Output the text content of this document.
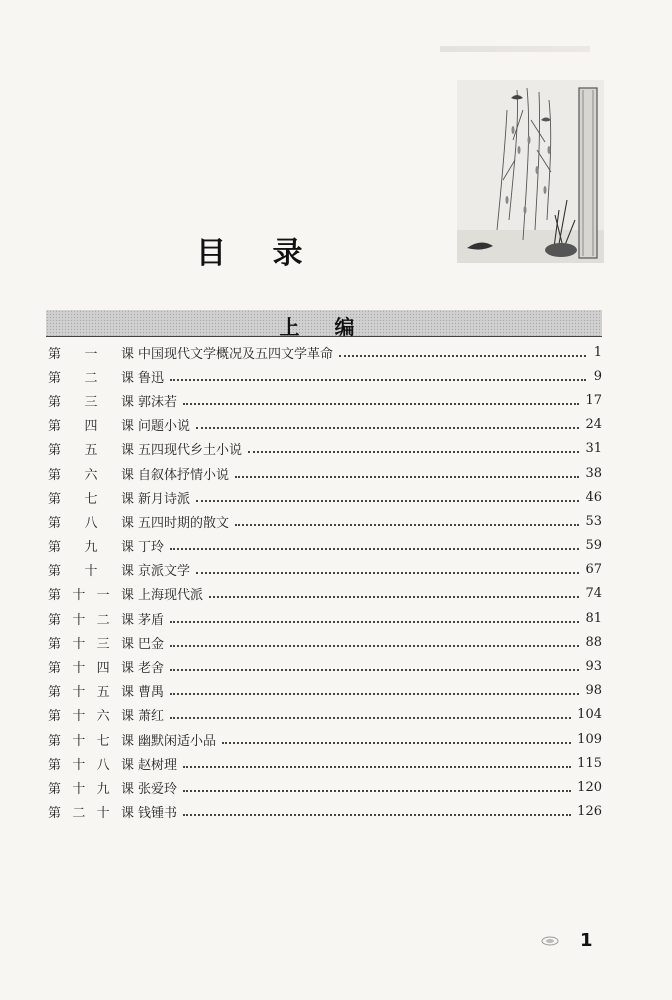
目 录
上 编
第 一 课 中国现代文学概况及五四文学革命	1
第 二 课 鲁迅	9
第 三 课 郭沫若	17
第 四 课 问题小说	24
第 五 课 五四现代乡土小说	31
第 六 课 自叙体抒情小说	38
第 七 课 新月诗派	46
第 八 课 五四时期的散文	53
第 九 课 丁玲	59
第 十 课 京派文学	67
第 十 一 课 上海现代派	74
第 十 二 课 茅盾	81
第 十 三 课 巴金	88
第 十 四 课 老舍	93
第 十 五 课 曹禺	98
第 十 六 课 萧红	104
第 十 七 课 幽默闲适小品	109
第 十 八 课 赵树理	115
第 十 九 课 张爱玲	120
第 二 十 课 钱锺书	126
1
